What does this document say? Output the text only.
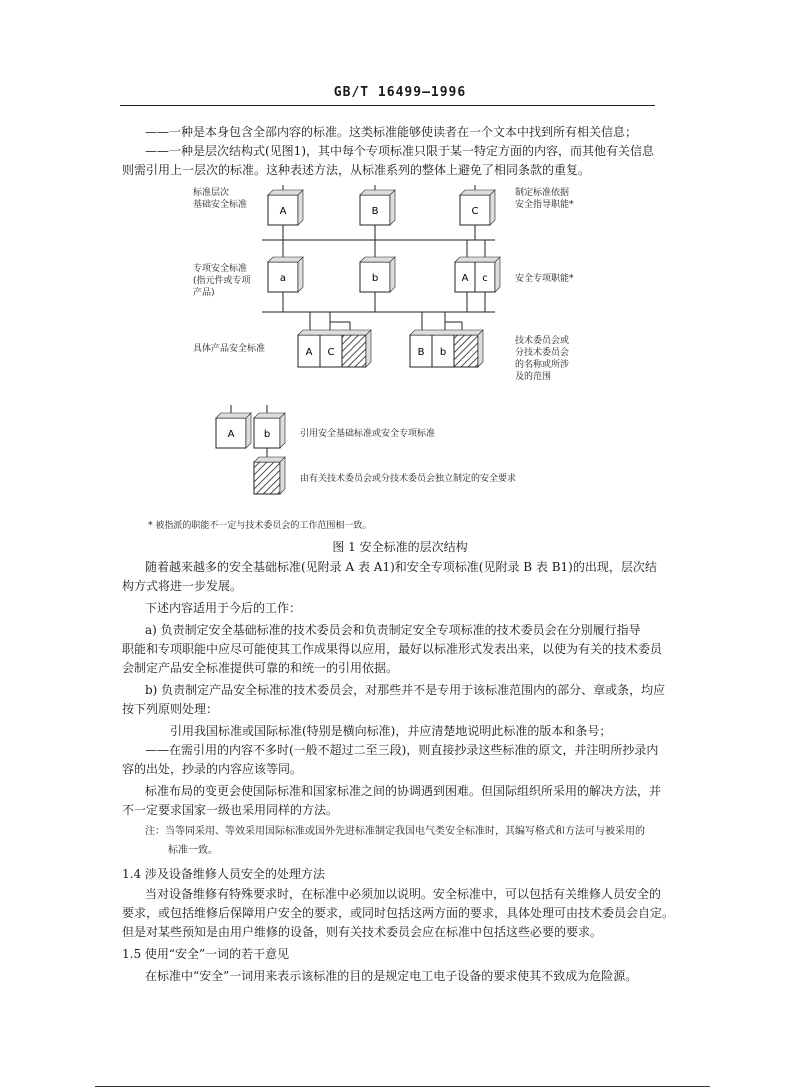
GB/T 16499—1996
——一种是本身包含全部内容的标准。这类标准能够使读者在一个文本中找到所有相关信息；
——一种是层次结构式(见图1)，其中每个专项标准只限于某一特定方面的内容，而其他有关信息
则需引用上一层次的标准。这种表述方法，从标准系列的整体上避免了相同条款的重复。
A	B	C
a	b	A c
A C	B b
A	b
标准层次
基础安全标准
专项安全标准
(指元件或专项
产品)
具体产品安全标准
制定标准依据
安全指导职能*
安全专项职能*
技术委员会或
分技术委员会
的名称或所涉
及的范围
引用安全基础标准或安全专项标准
由有关技术委员会或分技术委员会独立制定的安全要求
* 被指派的职能不一定与技术委员会的工作范围相一致。
图 1 安全标准的层次结构
随着越来越多的安全基础标准(见附录 A 表 A1)和安全专项标准(见附录 B 表 B1)的出现，层次结
构方式将进一步发展。
下述内容适用于今后的工作：
a) 负责制定安全基础标准的技术委员会和负责制定安全专项标准的技术委员会在分别履行指导
职能和专项职能中应尽可能使其工作成果得以应用，最好以标准形式发表出来，以使为有关的技术委员
会制定产品安全标准提供可靠的和统一的引用依据。
b) 负责制定产品安全标准的技术委员会，对那些并不是专用于该标准范围内的部分、章或条，均应
按下列原则处理：
引用我国标准或国际标准(特别是横向标准)，并应清楚地说明此标准的版本和条号；
——在需引用的内容不多时(一般不超过二至三段)，则直接抄录这些标准的原文，并注明所抄录内
容的出处，抄录的内容应该等同。
标准布局的变更会使国际标准和国家标准之间的协调遇到困难。但国际组织所采用的解决方法，并
不一定要求国家一级也采用同样的方法。
注：当等同采用、等效采用国际标准或国外先进标准制定我国电气类安全标准时，其编写格式和方法可与被采用的
标准一致。
1.4 涉及设备维修人员安全的处理方法
当对设备维修有特殊要求时，在标准中必须加以说明。安全标准中，可以包括有关维修人员安全的
要求，或包括维修后保障用户安全的要求，或同时包括这两方面的要求，具体处理可由技术委员会自定。
但是对某些预知是由用户维修的设备，则有关技术委员会应在标准中包括这些必要的要求。
1.5 使用“安全”一词的若干意见
在标准中“安全”一词用来表示该标准的目的是规定电工电子设备的要求使其不致成为危险源。
